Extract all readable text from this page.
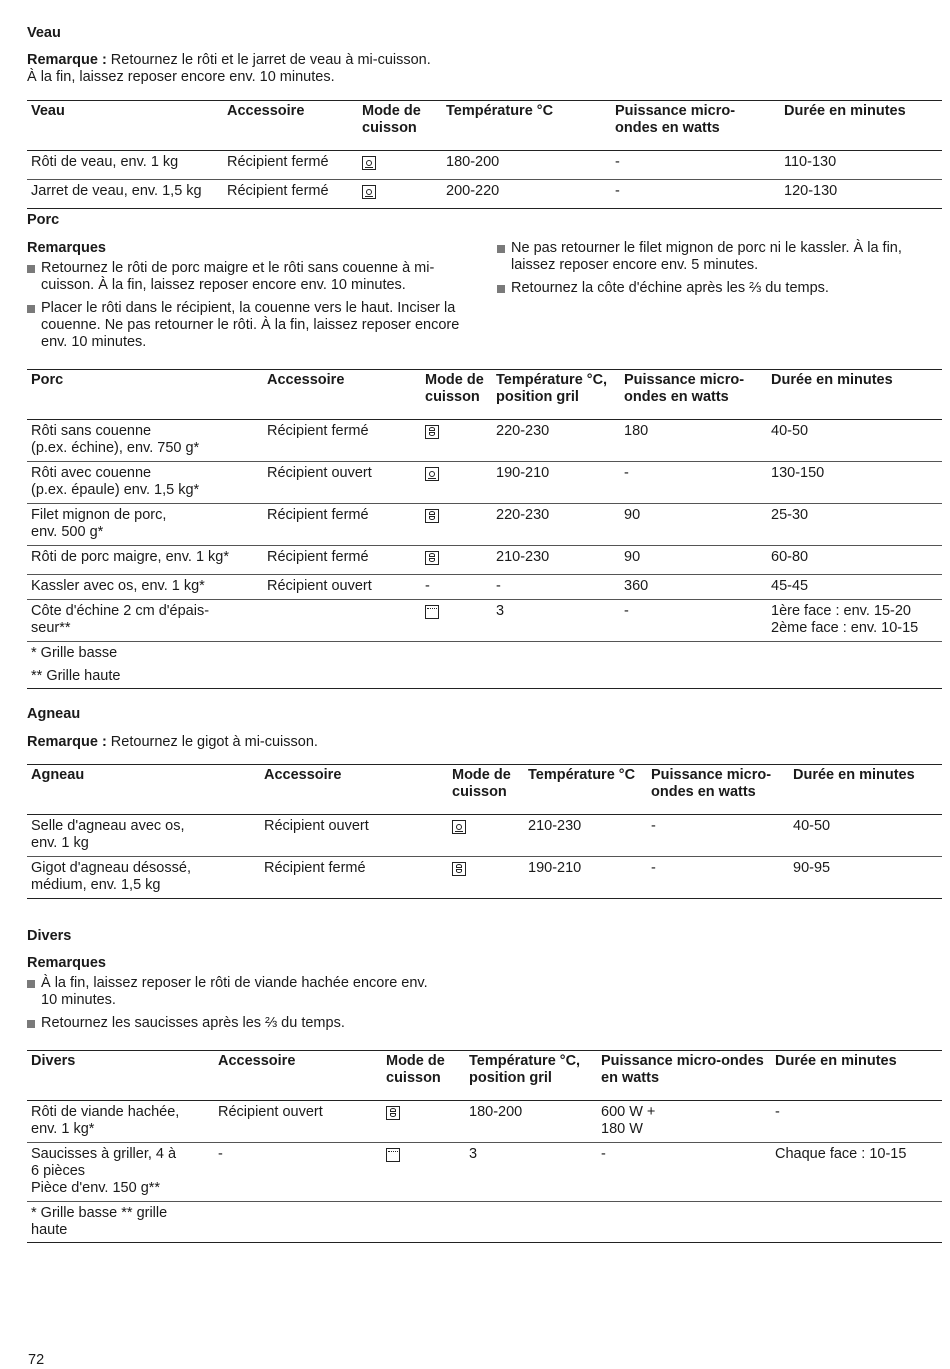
Veau

Remarque : Retournez le rôti et le jarret de veau à mi-cuisson.
À la fin, laissez reposer encore env. 10 minutes.

Veau	Accessoire	Mode de cuisson	Température °C	Puissance micro-ondes en watts	Durée en minutes
Rôti de veau, env. 1 kg	Récipient fermé		180-200	-	110-130
Jarret de veau, env. 1,5 kg	Récipient fermé		200-220	-	120-130
Porc
Remarques
Retournez le rôti de porc maigre et le rôti sans couenne à mi-cuisson. À la fin, laissez reposer encore env. 10 minutes.
Placer le rôti dans le récipient, la couenne vers le haut. Inciser la couenne. Ne pas retourner le rôti. À la fin, laissez reposer encore env. 10 minutes.
Ne pas retourner le filet mignon de porc ni le kassler. À la fin, laissez reposer encore env. 5 minutes.
Retournez la côte d'échine après les ⅔ du temps.
Porc	Accessoire	Mode de cuisson	Température °C, position gril	Puissance micro-ondes en watts	Durée en minutes
Rôti sans couenne
(p.ex. échine), env. 750 g*	Récipient fermé		220-230	180	40-50
Rôti avec couenne
(p.ex. épaule) env. 1,5 kg*	Récipient ouvert		190-210	-	130-150
Filet mignon de porc,
env. 500 g*	Récipient fermé		220-230	90	25-30
Rôti de porc maigre, env. 1 kg*	Récipient fermé		210-230	90	60-80
Kassler avec os, env. 1 kg*	Récipient ouvert	-	-	360	45-45
Côte d'échine 2 cm d'épais-
seur**			3	-	1ère face : env. 15-20
2ème face : env. 10-15
* Grille basse					
** Grille haute					
Agneau

Remarque : Retournez le gigot à mi-cuisson.

Agneau	Accessoire	Mode de cuisson	Température °C	Puissance micro-ondes en watts	Durée en minutes
Selle d'agneau avec os,
env. 1 kg	Récipient ouvert		210-230	-	40-50
Gigot d'agneau désossé,
médium, env. 1,5 kg	Récipient fermé		190-210	-	90-95
Divers
Remarques
À la fin, laissez reposer le rôti de viande hachée encore env. 10 minutes.
Retournez les saucisses après les ⅔ du temps.
Divers	Accessoire	Mode de cuisson	Température °C, position gril	Puissance micro-ondes en watts	Durée en minutes
Rôti de viande hachée,
env. 1 kg*	Récipient ouvert		180-200	600 W +
180 W	-
Saucisses à griller, 4 à
6 pièces
Pièce d'env. 150 g**	-		3	-	Chaque face : 10-15
* Grille basse ** grille
haute					
72
